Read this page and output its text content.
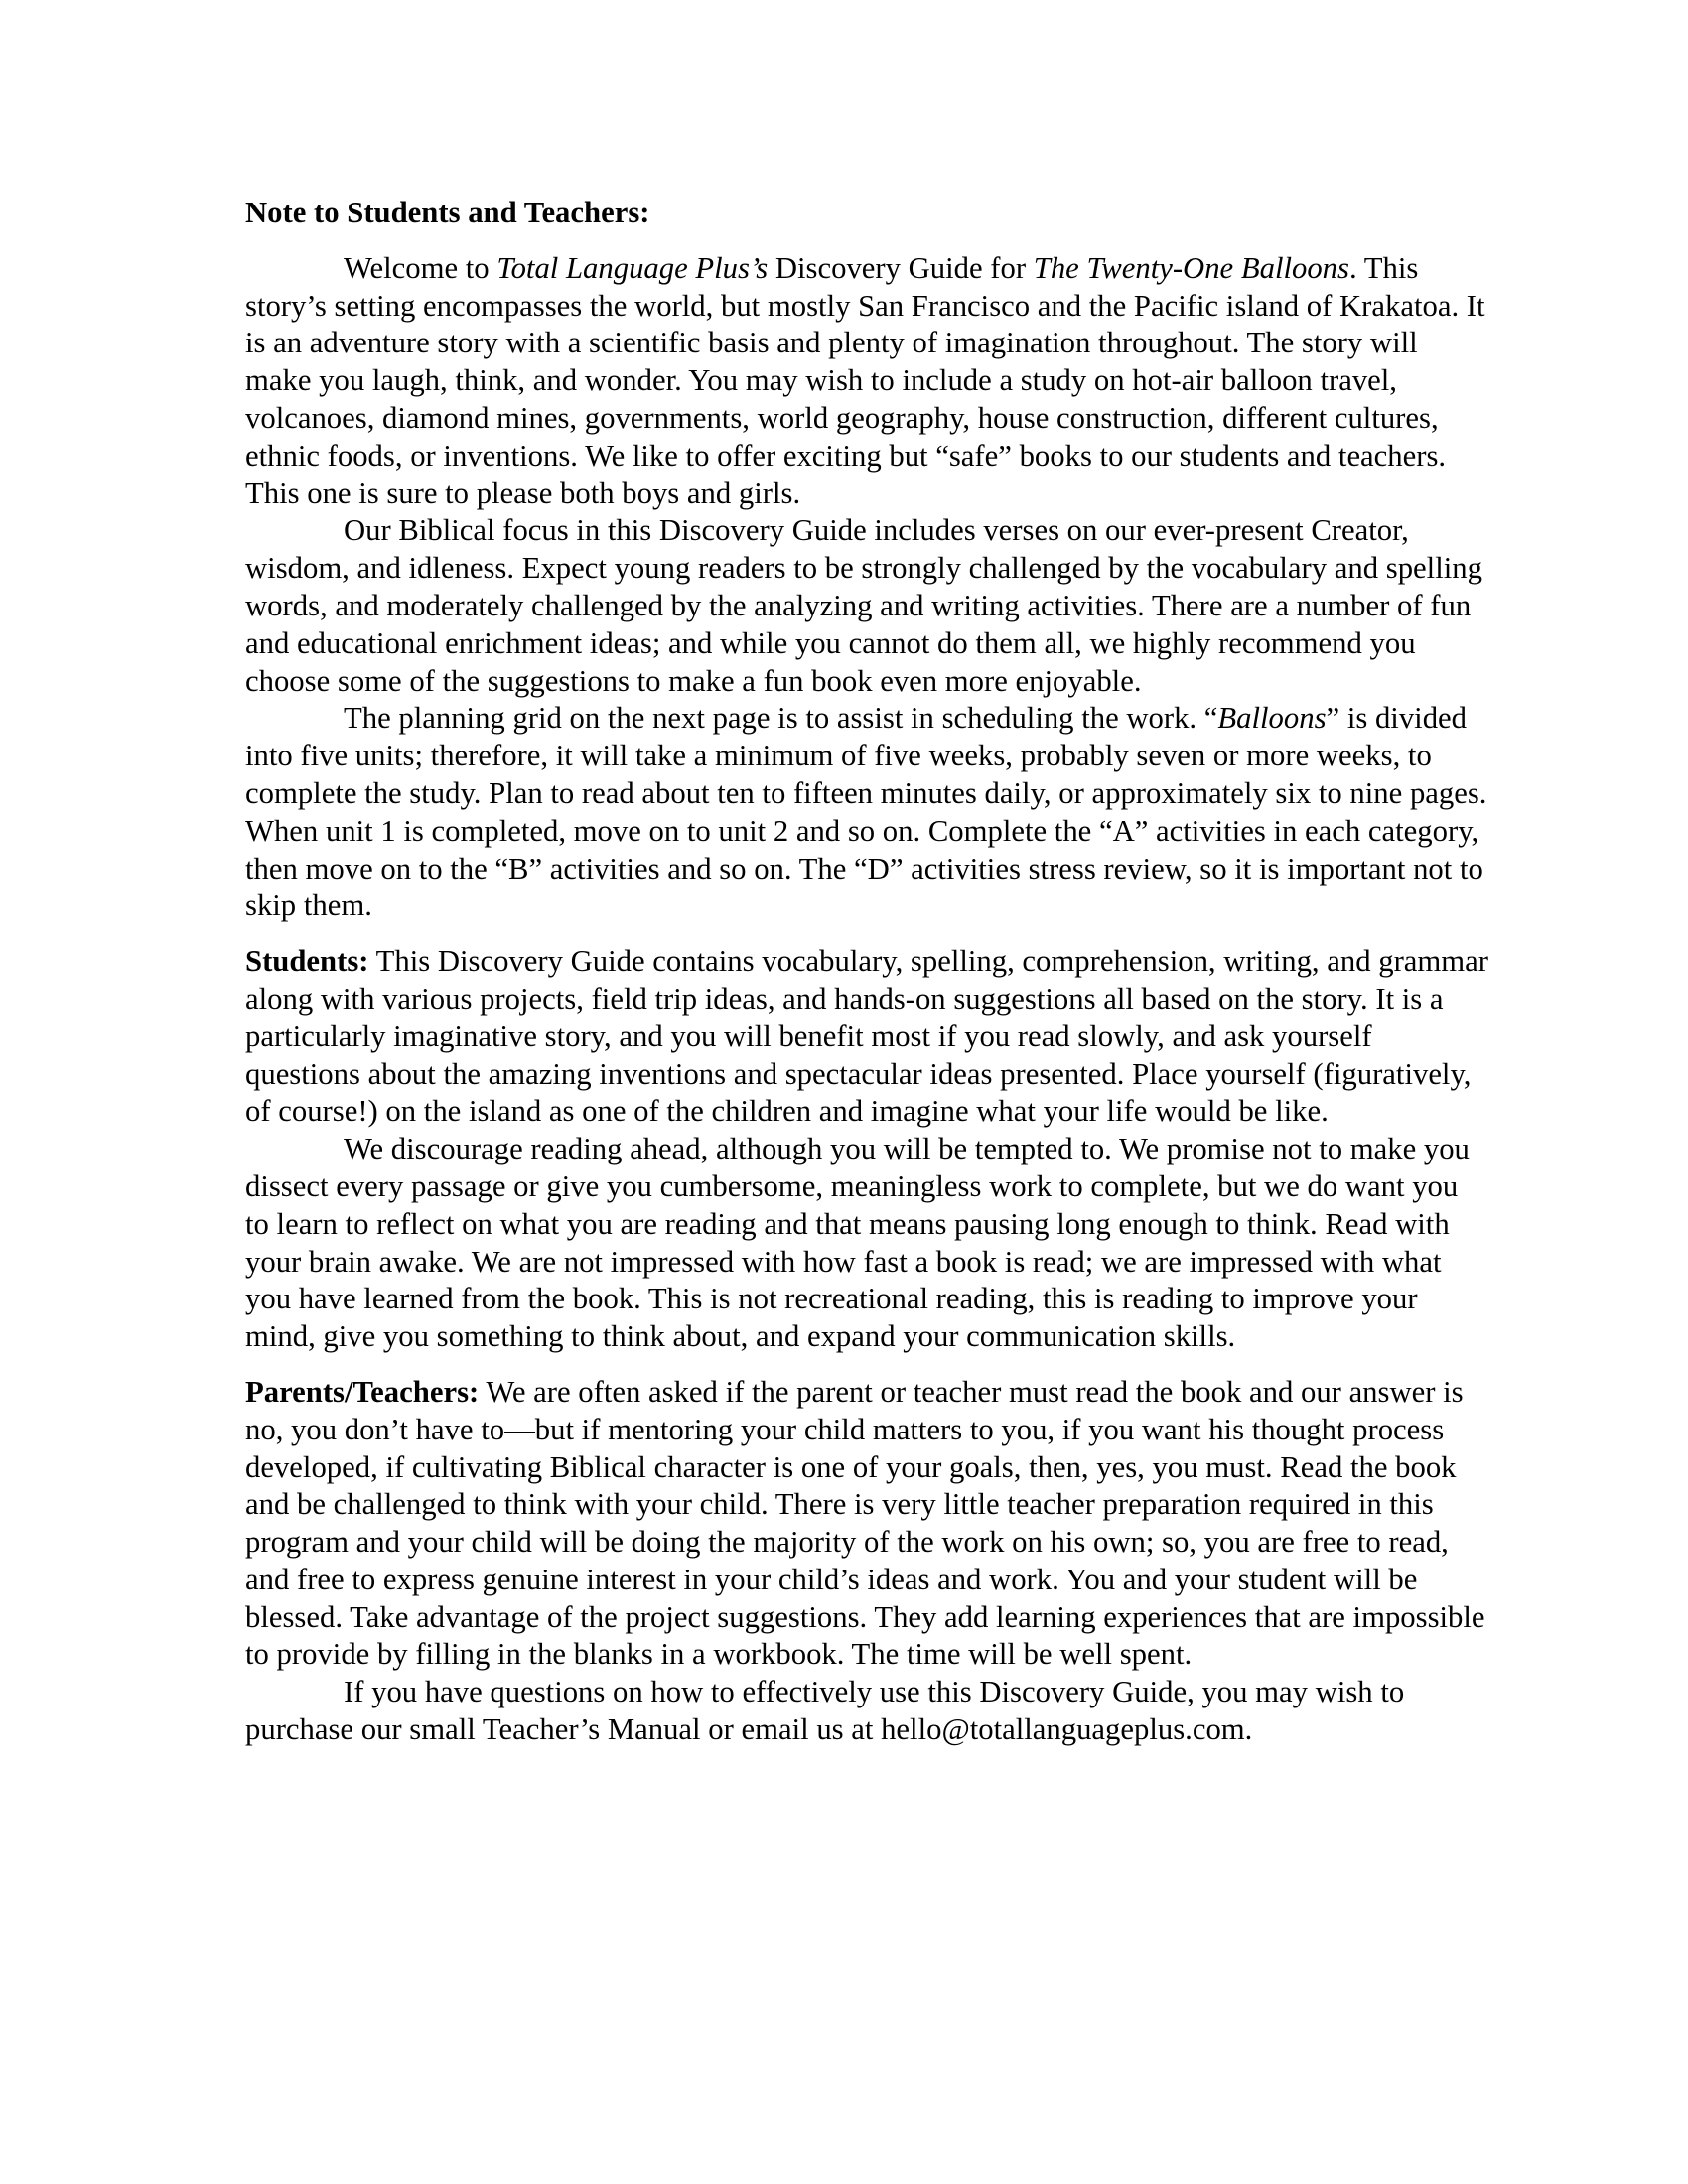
Note to Students and Teachers:

Welcome to Total Language Plus’s Discovery Guide for The Twenty-One Balloons. This story’s setting encompasses the world, but mostly San Francisco and the Pacific island of Krakatoa. It is an adventure story with a scientific basis and plenty of imagination throughout. The story will make you laugh, think, and wonder. You may wish to include a study on hot-air balloon travel, volcanoes, diamond mines, governments, world geography, house construction, different cultures, ethnic foods, or inventions. We like to offer exciting but “safe” books to our students and teachers. This one is sure to please both boys and girls.

Our Biblical focus in this Discovery Guide includes verses on our ever-present Creator, wisdom, and idleness. Expect young readers to be strongly challenged by the vocabulary and spelling words, and moderately challenged by the analyzing and writing activities. There are a number of fun and educational enrichment ideas; and while you cannot do them all, we highly recommend you choose some of the suggestions to make a fun book even more enjoyable.

The planning grid on the next page is to assist in scheduling the work. “Balloons” is divided into five units; therefore, it will take a minimum of five weeks, probably seven or more weeks, to complete the study. Plan to read about ten to fifteen minutes daily, or approximately six to nine pages. When unit 1 is completed, move on to unit 2 and so on. Complete the “A” activities in each category, then move on to the “B” activities and so on. The “D” activities stress review, so it is important not to skip them.

Students: This Discovery Guide contains vocabulary, spelling, comprehension, writing, and grammar along with various projects, field trip ideas, and hands-on suggestions all based on the story. It is a particularly imaginative story, and you will benefit most if you read slowly, and ask yourself questions about the amazing inventions and spectacular ideas presented. Place yourself (figuratively, of course!) on the island as one of the children and imagine what your life would be like.

We discourage reading ahead, although you will be tempted to. We promise not to make you dissect every passage or give you cumbersome, meaningless work to complete, but we do want you to learn to reflect on what you are reading and that means pausing long enough to think. Read with your brain awake. We are not impressed with how fast a book is read; we are impressed with what you have learned from the book. This is not recreational reading, this is reading to improve your mind, give you something to think about, and expand your communication skills.

Parents/Teachers: We are often asked if the parent or teacher must read the book and our answer is no, you don’t have to—but if mentoring your child matters to you, if you want his thought process developed, if cultivating Biblical character is one of your goals, then, yes, you must. Read the book and be challenged to think with your child. There is very little teacher preparation required in this program and your child will be doing the majority of the work on his own; so, you are free to read, and free to express genuine interest in your child’s ideas and work. You and your student will be blessed. Take advantage of the project suggestions. They add learning experiences that are impossible to provide by filling in the blanks in a workbook. The time will be well spent.

If you have questions on how to effectively use this Discovery Guide, you may wish to purchase our small Teacher’s Manual or email us at hello@totallanguageplus.com.
